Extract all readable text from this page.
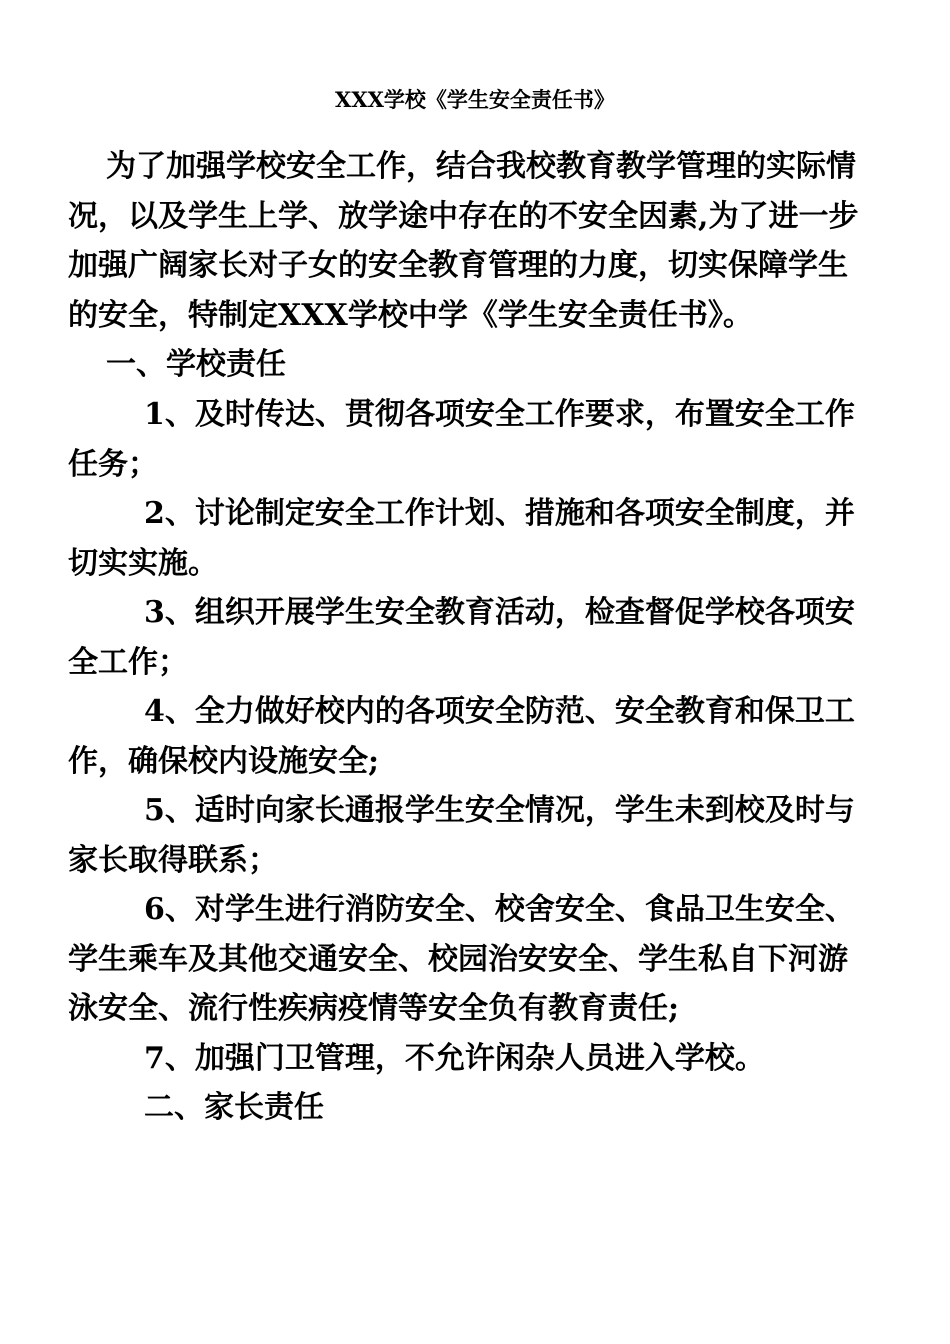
XXX学校《学生安全责任书》

为了加强学校安全工作，结合我校教育教学管理的实际情况，以及学生上学、放学途中存在的不安全因素,为了进一步加强广阔家长对子女的安全教育管理的力度，切实保障学生的安全，特制定XXX学校中学《学生安全责任书》。

一、学校责任

1、及时传达、贯彻各项安全工作要求，布置安全工作任务；

2、讨论制定安全工作计划、措施和各项安全制度，并切实实施。

3、组织开展学生安全教育活动，检查督促学校各项安全工作；

4、全力做好校内的各项安全防范、安全教育和保卫工作，确保校内设施安全;

5、适时向家长通报学生安全情况，学生未到校及时与家长取得联系；

6、对学生进行消防安全、校舍安全、食品卫生安全、学生乘车及其他交通安全、校园治安安全、学生私自下河游泳安全、流行性疾病疫情等安全负有教育责任;

7、加强门卫管理，不允许闲杂人员进入学校。

二、家长责任
